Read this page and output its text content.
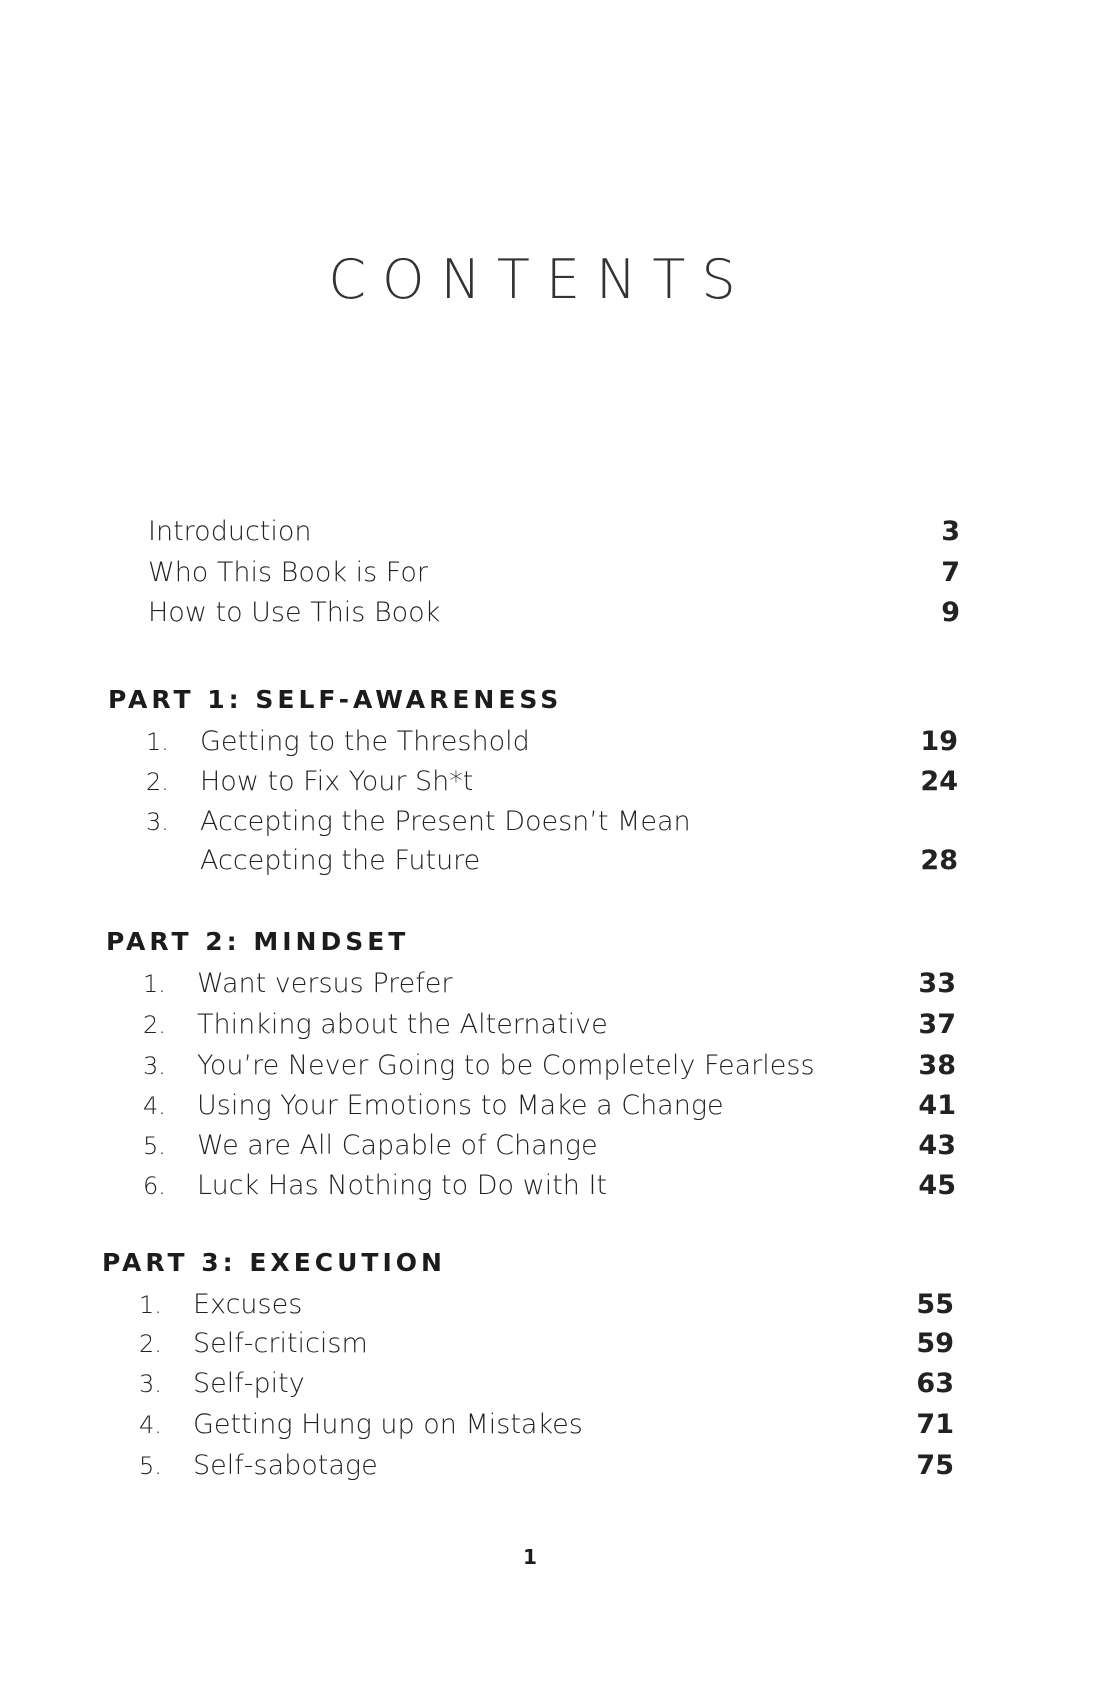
CONTENTS
Introduction	3
Who This Book is For	7
How to Use This Book	9
PART 1: SELF-AWARENESS
1. Getting to the Threshold	19
2. How to Fix Your Sh*t	24
3. Accepting the Present Doesn’t Mean
Accepting the Future	28
PART 2: MINDSET
1. Want versus Prefer	33
2. Thinking about the Alternative	37
3. You’re Never Going to be Completely Fearless	38
4. Using Your Emotions to Make a Change	41
5. We are All Capable of Change	43
6. Luck Has Nothing to Do with It	45
PART 3: EXECUTION
1. Excuses	55
2. Self-criticism	59
3. Self-pity	63
4. Getting Hung up on Mistakes	71
5. Self-sabotage	75
1
